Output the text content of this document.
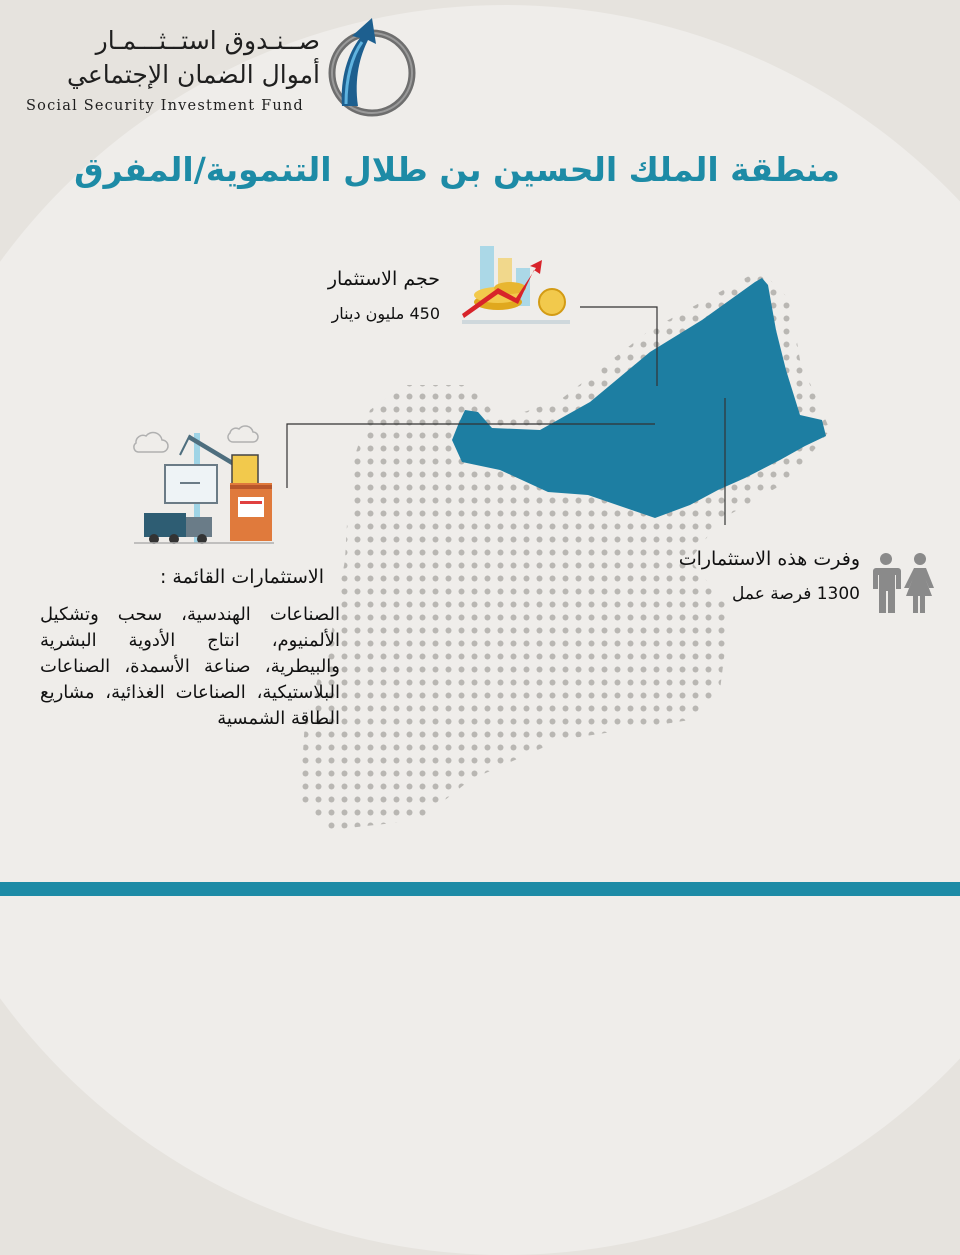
صــنـدوق استــثـــمـار
أموال الضمان الإجتماعي
Social Security Investment Fund
منطقة الملك الحسين بن طلال التنموية/المفرق
حجم الاستثمار
450 مليون دينار
الاستثمارات القائمة :
الصناعات الهندسية، سحب وتشكيل الألمنيوم، انتاج الأدوية البشرية والبيطرية، صناعة الأسمدة، الصناعات البلاستيكية، الصناعات الغذائية، مشاريع الطاقة الشمسية
وفرت هذه الاستثمارات
1300 فرصة عمل
